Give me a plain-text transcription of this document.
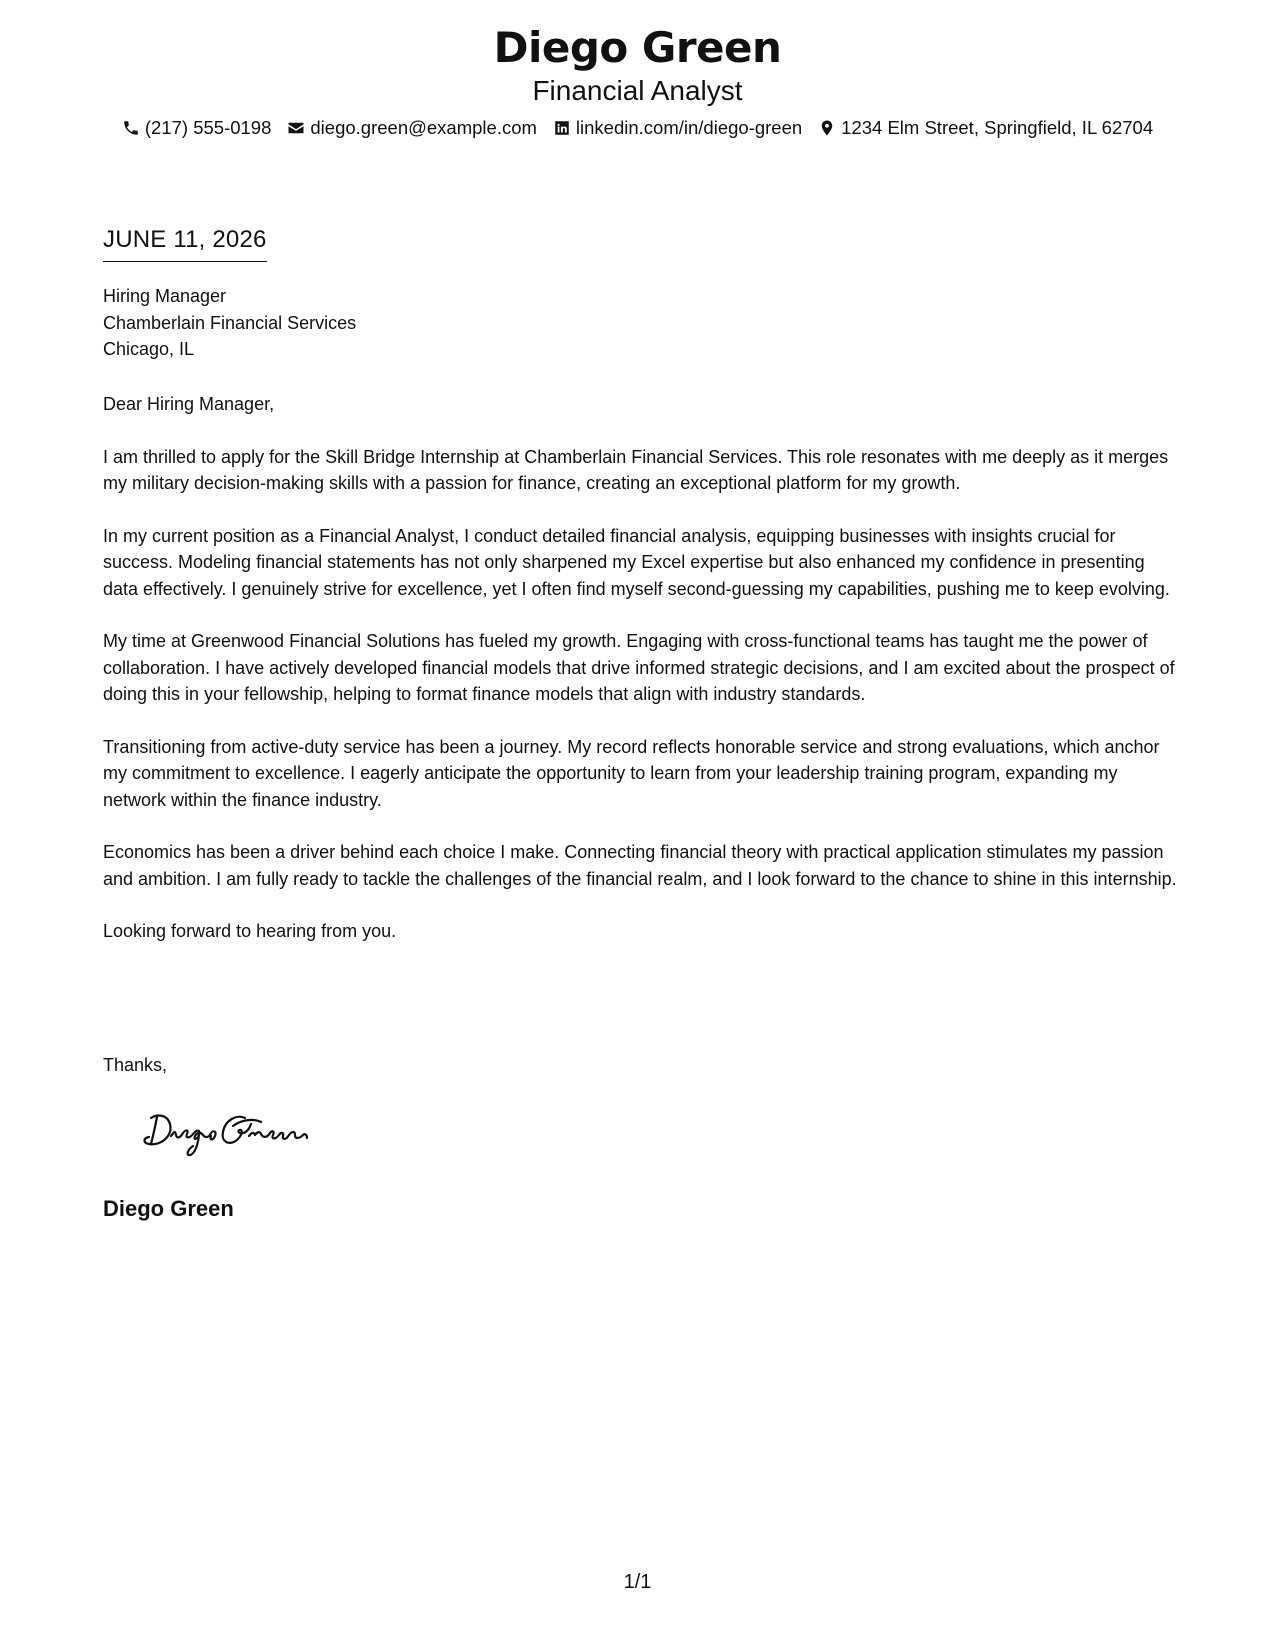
Diego Green
Financial Analyst
(217) 555-0198 diego.green@example.com linkedin.com/in/diego-green 1234 Elm Street, Springfield, IL 62704
JUNE 11, 2026
Hiring Manager
Chamberlain Financial Services
Chicago, IL

Dear Hiring Manager,

I am thrilled to apply for the Skill Bridge Internship at Chamberlain Financial Services. This role resonates with me deeply as it merges my military decision-making skills with a passion for finance, creating an exceptional platform for my growth.

In my current position as a Financial Analyst, I conduct detailed financial analysis, equipping businesses with insights crucial for success. Modeling financial statements has not only sharpened my Excel expertise but also enhanced my confidence in presenting data effectively. I genuinely strive for excellence, yet I often find myself second-guessing my capabilities, pushing me to keep evolving.

My time at Greenwood Financial Solutions has fueled my growth. Engaging with cross-functional teams has taught me the power of collaboration. I have actively developed financial models that drive informed strategic decisions, and I am excited about the prospect of doing this in your fellowship, helping to format finance models that align with industry standards.

Transitioning from active-duty service has been a journey. My record reflects honorable service and strong evaluations, which anchor my commitment to excellence. I eagerly anticipate the opportunity to learn from your leadership training program, expanding my network within the finance industry.

Economics has been a driver behind each choice I make. Connecting financial theory with practical application stimulates my passion and ambition. I am fully ready to tackle the challenges of the financial realm, and I look forward to the chance to shine in this internship.

Looking forward to hearing from you.

Thanks,
Diego Green
1/1
